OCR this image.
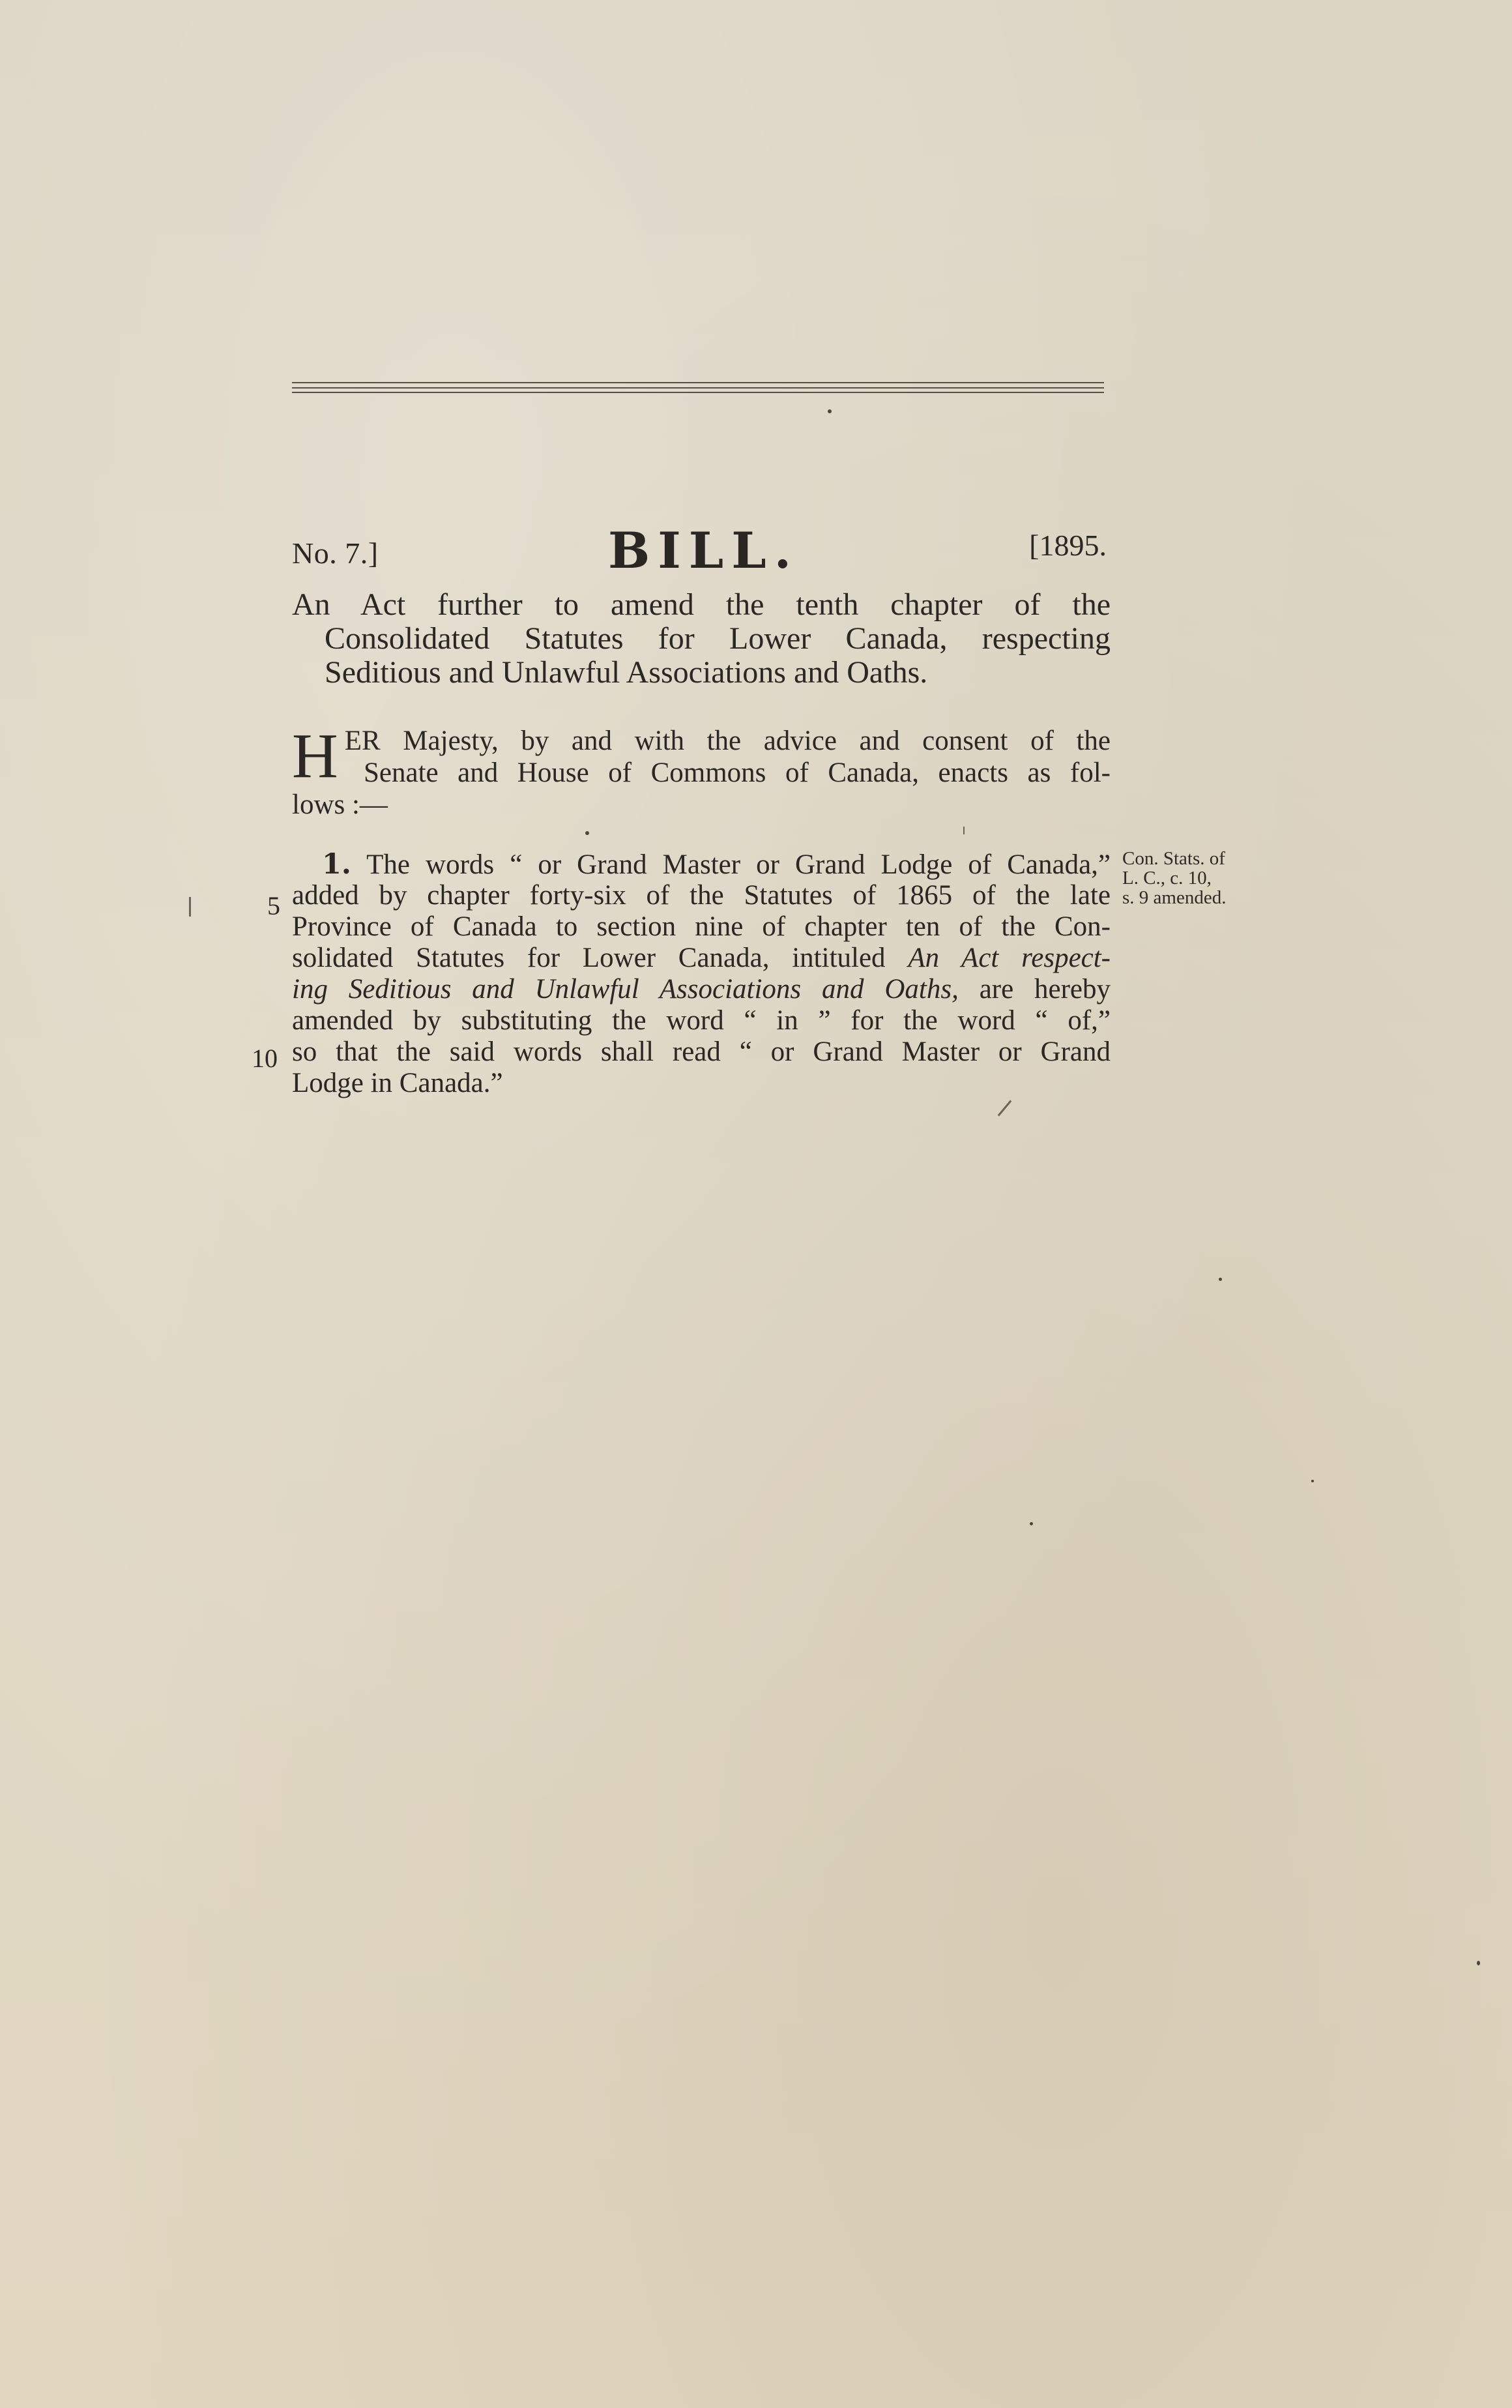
No. 7.]	BILL.	[1895.
An Act further to amend the tenth chapter of the
Consolidated Statutes for Lower Canada, respecting
Seditious and Unlawful Associations and Oaths.
H ER Majesty, by and with the advice and consent of the
Senate and House of Commons of Canada, enacts as fol-
lows :—
1. The words “ or Grand Master or Grand Lodge of Canada,”
added by chapter forty-six of the Statutes of 1865 of the late
Province of Canada to section nine of chapter ten of the Con-
solidated Statutes for Lower Canada, intituled An Act respect-
ing Seditious and Unlawful Associations and Oaths, are hereby
amended by substituting the word “ in ” for the word “ of,”
so that the said words shall read “ or Grand Master or Grand
Lodge in Canada.”
5
10
Con. Stats. of
L. C., c. 10,
s. 9 amended.
